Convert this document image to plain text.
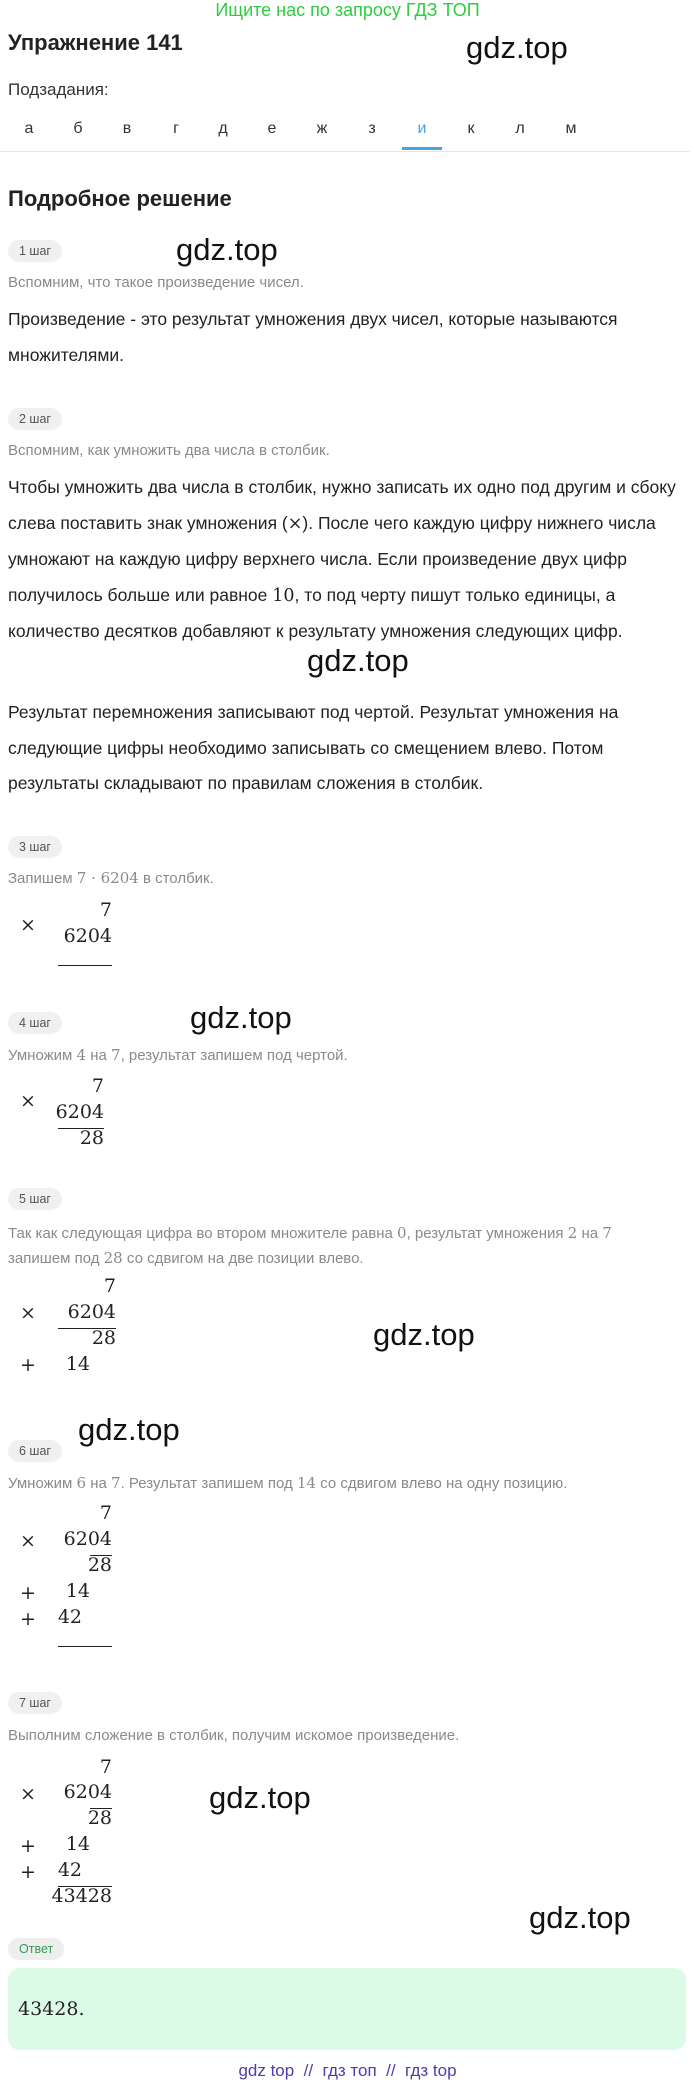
Ищите нас по запросу ГДЗ ТОП
Упражнение 141	gdz.top
Подзадания:
а	б	в	г	д	е	ж	з	и	к	л	м
Подробное решение
1 шаг	gdz.top
Вспомним, что такое произведение чисел.
Произведение - это результат умножения двух чисел, которые называются множителями.
2 шаг
Вспомним, как умножить два числа в столбик.
Чтобы умножить два числа в столбик, нужно записать их одно под другим и сбоку слева поставить знак умножения (×). После чего каждую цифру нижнего числа умножают на каждую цифру верхнего числа. Если произведение двух цифр получилось больше или равное 10, то под черту пишут только единицы, а количество десятков добавляют к результату умножения следующих цифр.
gdz.top
Результат перемножения записывают под чертой. Результат умножения на следующие цифры необходимо записывать со смещением влево. Потом результаты складывают по правилам сложения в столбик.
3 шаг
Запишем 7 · 6204 в столбик.
7
×	6204
4 шаг	gdz.top
Умножим 4 на 7, результат запишем под чертой.
7
×	6204
28
5 шаг
Так как следующая цифра во втором множителе равна 0, результат умножения 2 на 7 запишем под 28 со сдвигом на две позиции влево.
7
×	6204
28
+	14
gdz.top
6 шаг
gdz.top
Умножим 6 на 7. Результат запишем под 14 со сдвигом влево на одну позицию.
7
×	6204
28
+	14
+	42
7 шаг
Выполним сложение в столбик, получим искомое произведение.
7
×	6204
28
+	14
+	42
43428
gdz.top
gdz.top
Ответ
43428.
gdz top  //  гдз топ  //  гдз top
